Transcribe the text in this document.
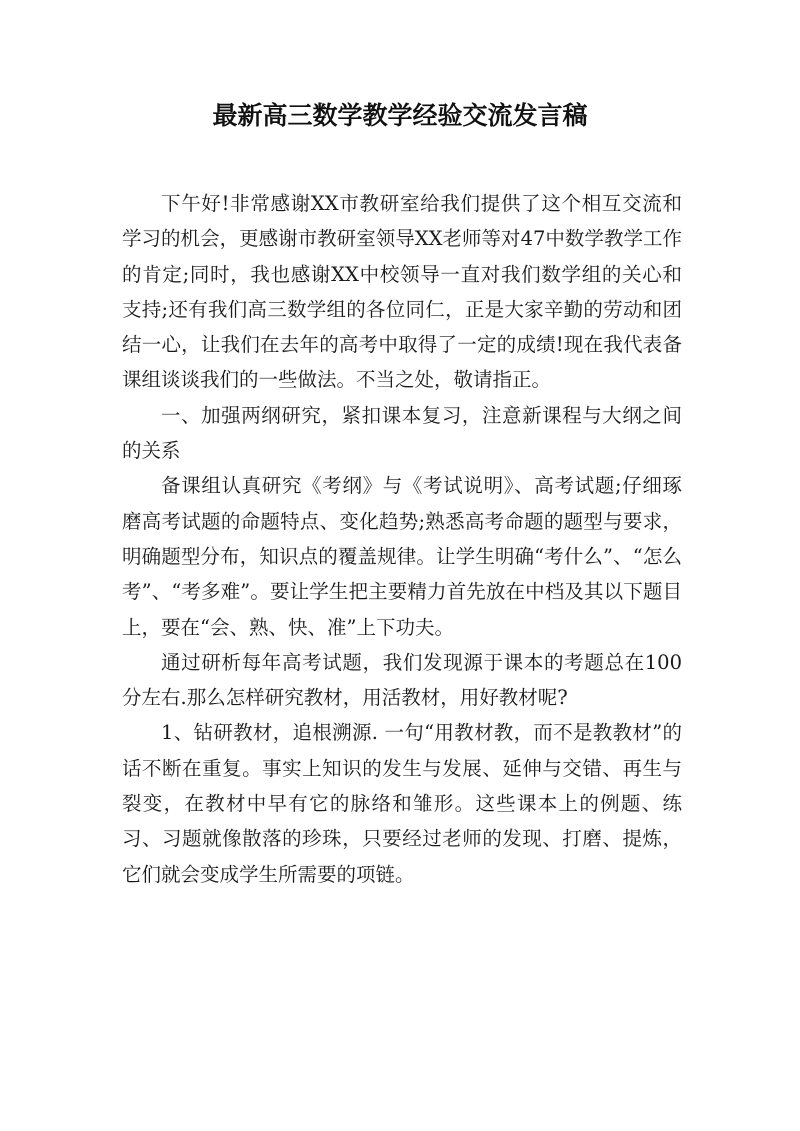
最新高三数学教学经验交流发言稿

下午好!非常感谢XX市教研室给我们提供了这个相互交流和学习的机会，更感谢市教研室领导XX老师等对47中数学教学工作的肯定;同时，我也感谢XX中校领导一直对我们数学组的关心和支持;还有我们高三数学组的各位同仁，正是大家辛勤的劳动和团结一心，让我们在去年的高考中取得了一定的成绩!现在我代表备课组谈谈我们的一些做法。不当之处，敬请指正。

一、加强两纲研究，紧扣课本复习，注意新课程与大纲之间的关系

备课组认真研究《考纲》与《考试说明》、高考试题;仔细琢磨高考试题的命题特点、变化趋势;熟悉高考命题的题型与要求，明确题型分布，知识点的覆盖规律。让学生明确“考什么”、“怎么考”、“考多难”。要让学生把主要精力首先放在中档及其以下题目上，要在“会、熟、快、准”上下功夫。

通过研析每年高考试题，我们发现源于课本的考题总在100分左右.那么怎样研究教材，用活教材，用好教材呢?

1、钻研教材，追根溯源. 一句“用教材教，而不是教教材”的话不断在重复。事实上知识的发生与发展、延伸与交错、再生与裂变，在教材中早有它的脉络和雏形。这些课本上的例题、练习、习题就像散落的珍珠，只要经过老师的发现、打磨、提炼，它们就会变成学生所需要的项链。
